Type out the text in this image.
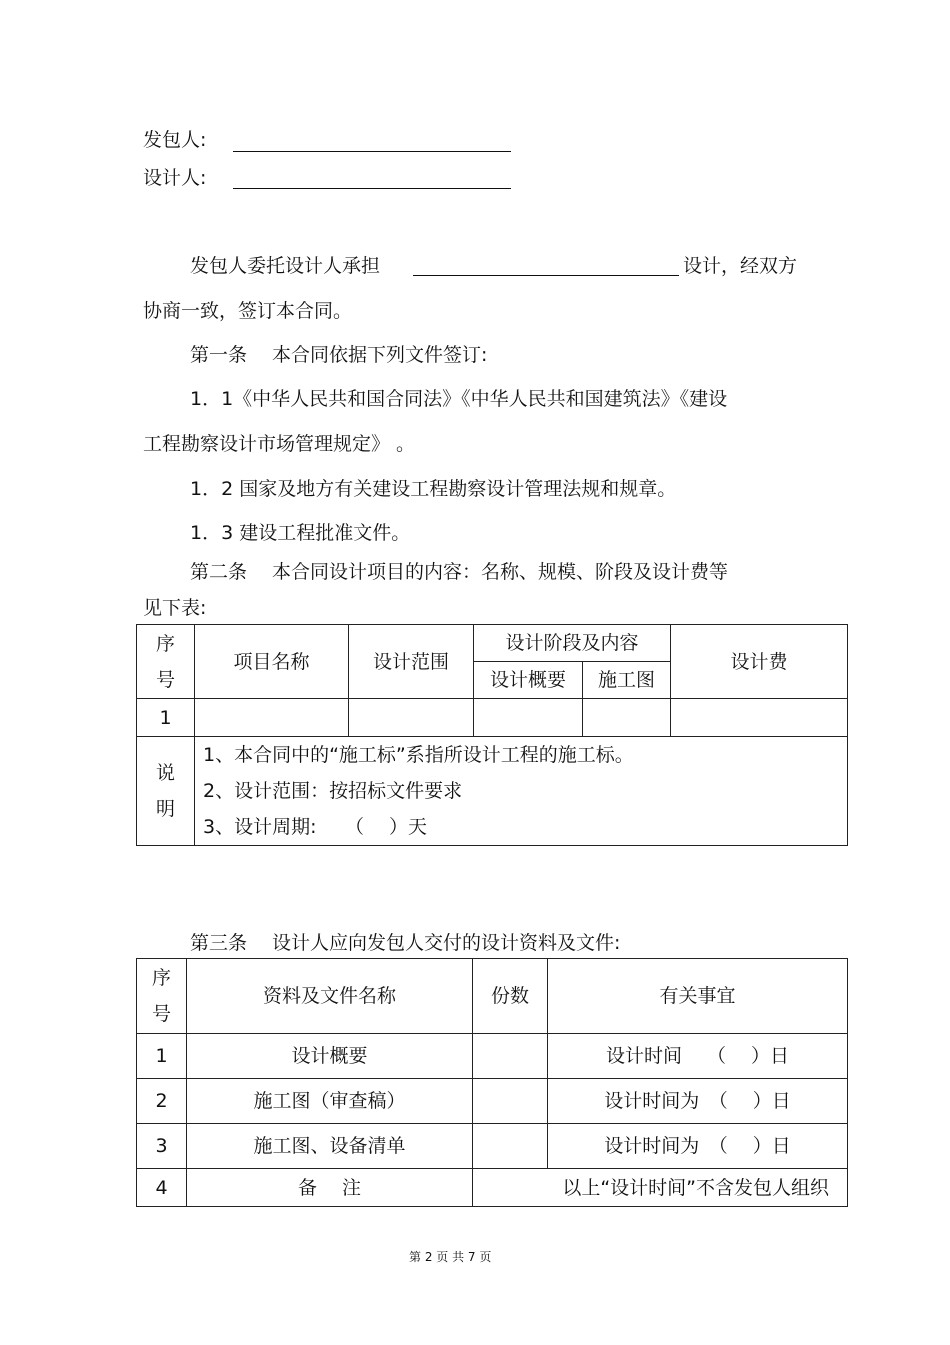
发包人:
设计人:
发包人委托设计人承担	设计，经双方
协商一致，签订本合同。
第一条　 本合同依据下列文件签订:
1．1《中华人民共和国合同法》《中华人民共和国建筑法》《建设
工程勘察设计市场管理规定》 。
1．2 国家及地方有关建设工程勘察设计管理法规和规章。
1．3 建设工程批准文件。
第二条　 本合同设计项目的内容：名称、规模、阶段及设计费等
见下表:
序
号	项目名称	设计范围	设计阶段及内容		设计费
			设计概要	施工图	
1					

说
明	1、本合同中的“施工标”系指所设计工程的施工标。
2、设计范围：按招标文件要求
3、设计周期:　　（　 ）天				
第三条　 设计人应向发包人交付的设计资料及文件:
序
号	资料及文件名称	份数	有关事宜
1	设计概要		设计时间　 （　 ）日
2	施工图（审查稿）		设计时间为　（　 ）日
3	施工图、设备清单		设计时间为　（　 ）日
4	备　 注	以上“设计时间”不含发包人组织	
第 2 页 共 7 页
